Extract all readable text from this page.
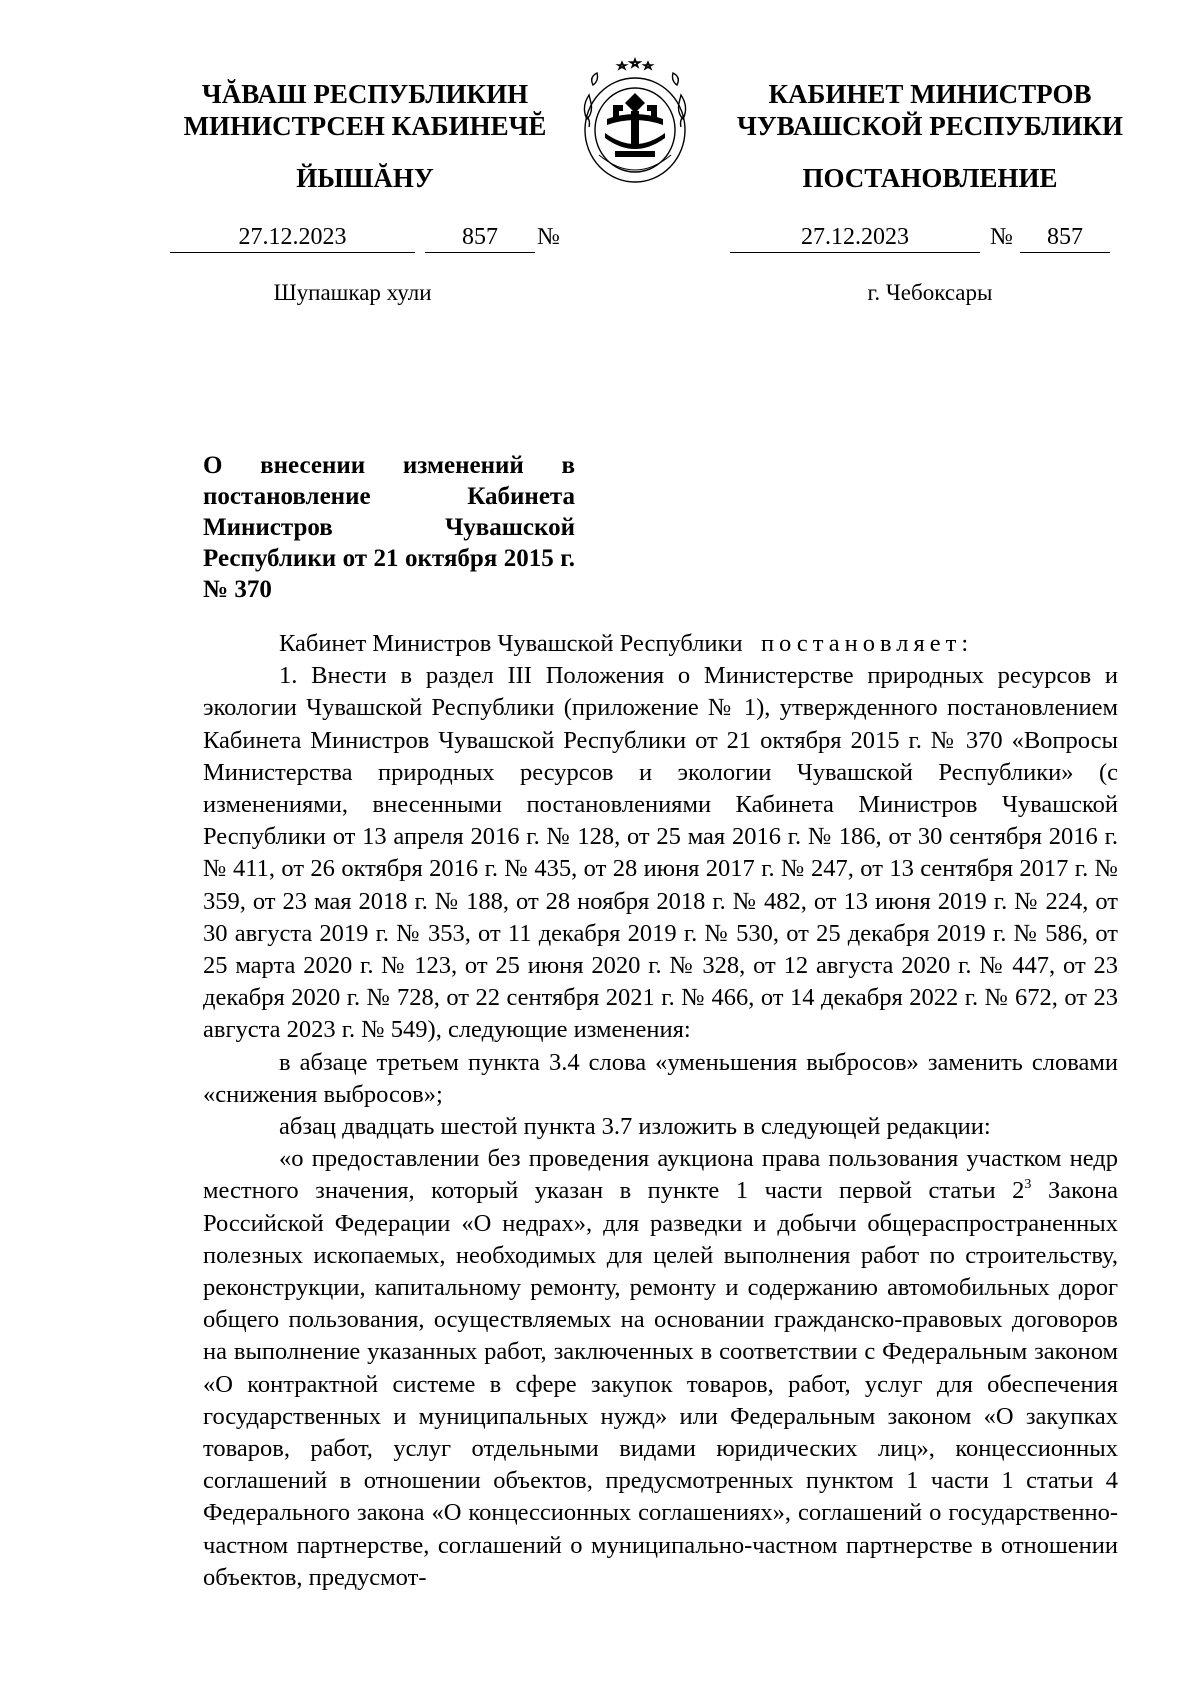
ЧĂВАШ РЕСПУБЛИКИН
МИНИСТРСЕН КАБИНЕЧĔ
ЙЫШĂНУ
КАБИНЕТ МИНИСТРОВ
ЧУВАШСКОЙ РЕСПУБЛИКИ
ПОСТАНОВЛЕНИЕ
27.12.2023	857	№	27.12.2023	№	857
Шупашкар хули	г. Чебоксары
О внесении изменений в постановление Кабинета Министров Чувашской Республики от 21 октября 2015 г. № 370

Кабинет Министров Чувашской Республики постановляет:

1. Внести в раздел III Положения о Министерстве природных ресурсов и экологии Чувашской Республики (приложение № 1), утвержденного постановлением Кабинета Министров Чувашской Республики от 21 октября 2015 г. № 370 «Вопросы Министерства природных ресурсов и экологии Чувашской Республики» (с изменениями, внесенными постановлениями Кабинета Министров Чувашской Республики от 13 апреля 2016 г. № 128, от 25 мая 2016 г. № 186, от 30 сентября 2016 г. № 411, от 26 октября 2016 г. № 435, от 28 июня 2017 г. № 247, от 13 сентября 2017 г. № 359, от 23 мая 2018 г. № 188, от 28 ноября 2018 г. № 482, от 13 июня 2019 г. № 224, от 30 августа 2019 г. № 353, от 11 декабря 2019 г. № 530, от 25 декабря 2019 г. № 586, от 25 марта 2020 г. № 123, от 25 июня 2020 г. № 328, от 12 августа 2020 г. № 447, от 23 декабря 2020 г. № 728, от 22 сентября 2021 г. № 466, от 14 декабря 2022 г. № 672, от 23 августа 2023 г. № 549), следующие изменения:

в абзаце третьем пункта 3.4 слова «уменьшения выбросов» заменить словами «снижения выбросов»;

абзац двадцать шестой пункта 3.7 изложить в следующей редакции:

«о предоставлении без проведения аукциона права пользования участком недр местного значения, который указан в пункте 1 части первой статьи $2^3$ Закона Российской Федерации «О недрах», для разведки и добычи общераспространенных полезных ископаемых, необходимых для целей выполнения работ по строительству, реконструкции, капитальному ремонту, ремонту и содержанию автомобильных дорог общего пользования, осуществляемых на основании гражданско-правовых договоров на выполнение указанных работ, заключенных в соответствии с Федеральным законом «О контрактной системе в сфере закупок товаров, работ, услуг для обеспечения государственных и муниципальных нужд» или Федеральным законом «О закупках товаров, работ, услуг отдельными видами юридических лиц», концессионных соглашений в отношении объектов, предусмотренных пунктом 1 части 1 статьи 4 Федерального закона «О концессионных соглашениях», соглашений о государственно-частном партнерстве, соглашений о муниципально-частном партнерстве в отношении объектов, предусмот-
